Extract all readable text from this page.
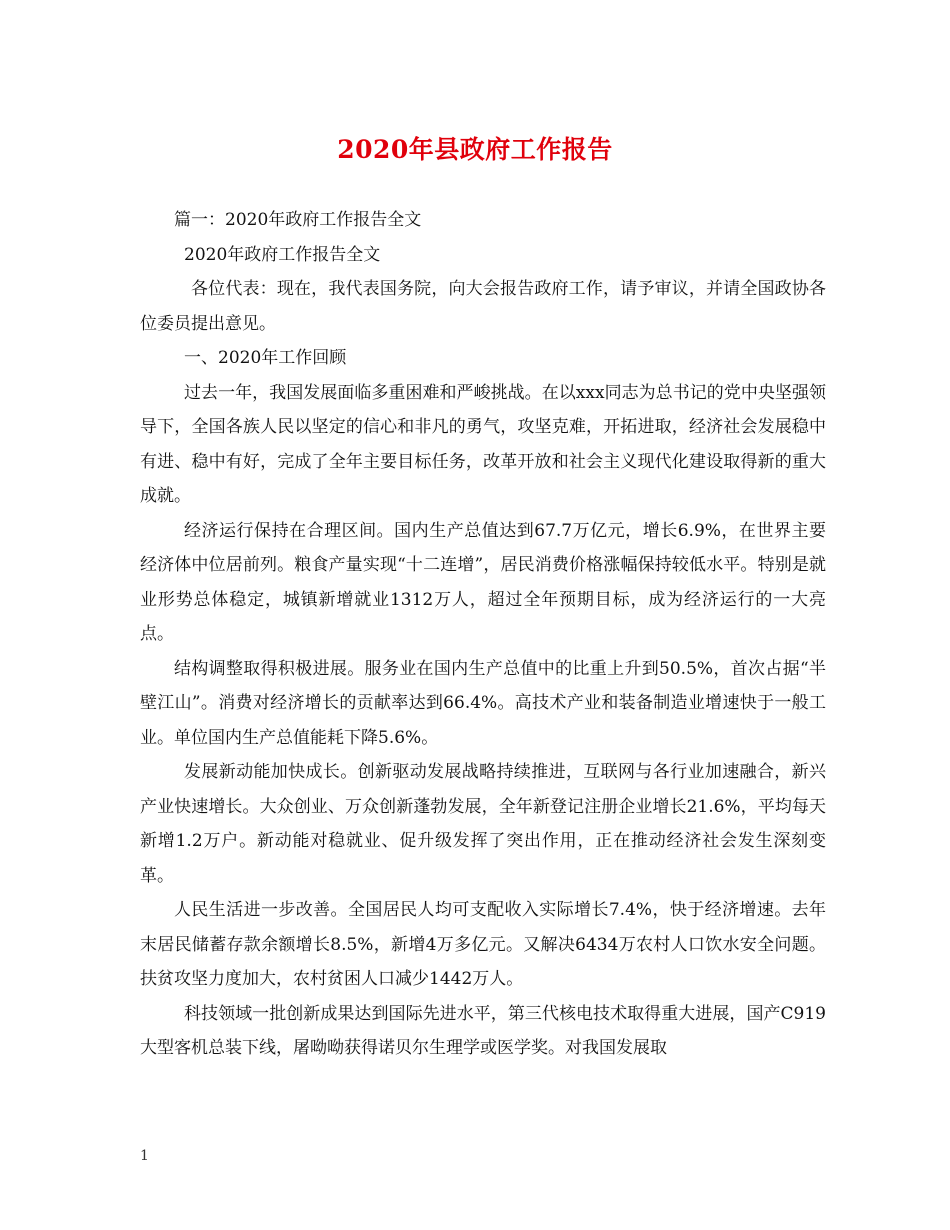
2020年县政府工作报告

篇一：2020年政府工作报告全文

2020年政府工作报告全文

各位代表：现在，我代表国务院，向大会报告政府工作，请予审议，并请全国政协各位委员提出意见。

一、2020年工作回顾

过去一年，我国发展面临多重困难和严峻挑战。在以xxx同志为总书记的党中央坚强领导下，全国各族人民以坚定的信心和非凡的勇气，攻坚克难，开拓进取，经济社会发展稳中有进、稳中有好，完成了全年主要目标任务，改革开放和社会主义现代化建设取得新的重大成就。

经济运行保持在合理区间。国内生产总值达到67.7万亿元，增长6.9%，在世界主要经济体中位居前列。粮食产量实现“十二连增”，居民消费价格涨幅保持较低水平。特别是就业形势总体稳定，城镇新增就业1312万人，超过全年预期目标，成为经济运行的一大亮点。

结构调整取得积极进展。服务业在国内生产总值中的比重上升到50.5%，首次占据“半壁江山”。消费对经济增长的贡献率达到66.4%。高技术产业和装备制造业增速快于一般工业。单位国内生产总值能耗下降5.6%。

发展新动能加快成长。创新驱动发展战略持续推进，互联网与各行业加速融合，新兴产业快速增长。大众创业、万众创新蓬勃发展，全年新登记注册企业增长21.6%，平均每天新增1.2万户。新动能对稳就业、促升级发挥了突出作用，正在推动经济社会发生深刻变革。

人民生活进一步改善。全国居民人均可支配收入实际增长7.4%，快于经济增速。去年末居民储蓄存款余额增长8.5%，新增4万多亿元。又解决6434万农村人口饮水安全问题。扶贫攻坚力度加大，农村贫困人口减少1442万人。

科技领域一批创新成果达到国际先进水平，第三代核电技术取得重大进展，国产C919大型客机总装下线，屠呦呦获得诺贝尔生理学或医学奖。对我国发展取

1
